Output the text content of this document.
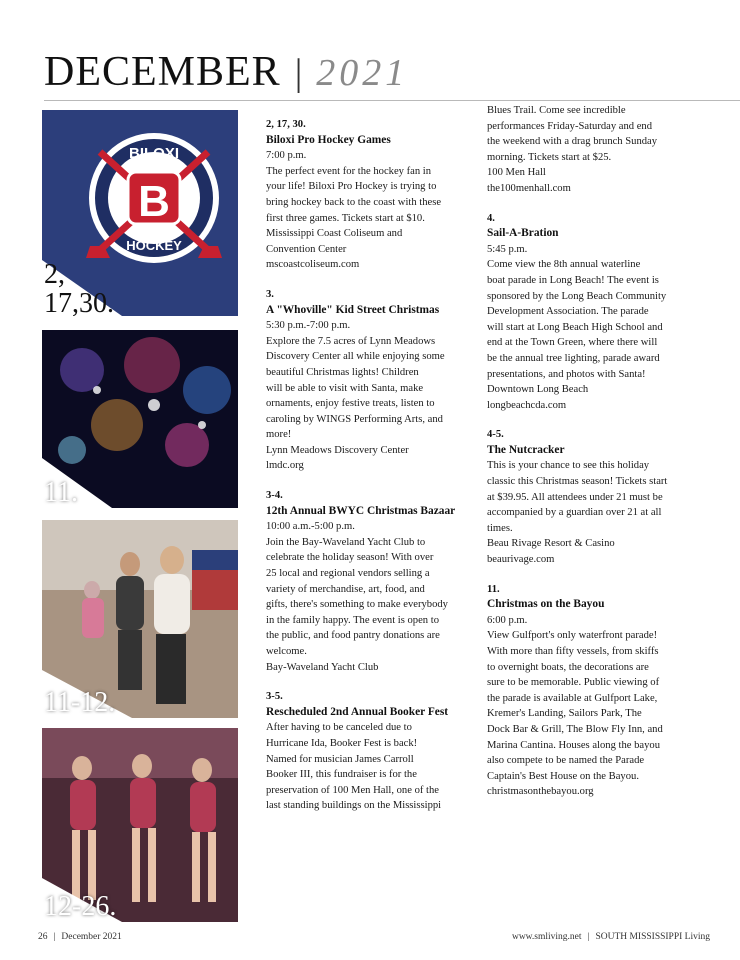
DECEMBER | 2021
B
BILOXI
HOCKEY
2,
17,30.
11.
11-12.
12-26.
2, 17, 30.
Biloxi Pro Hockey Games
7:00 p.m.
The perfect event for the hockey fan in
your life! Biloxi Pro Hockey is trying to
bring hockey back to the coast with these
first three games. Tickets start at $10.
Mississippi Coast Coliseum and
Convention Center
mscoastcoliseum.com
3.
A "Whoville" Kid Street Christmas
5:30 p.m.-7:00 p.m.
Explore the 7.5 acres of Lynn Meadows
Discovery Center all while enjoying some
beautiful Christmas lights! Children
will be able to visit with Santa, make
ornaments, enjoy festive treats, listen to
caroling by WINGS Performing Arts, and
more!
Lynn Meadows Discovery Center
lmdc.org
3-4.
12th Annual BWYC Christmas Bazaar
10:00 a.m.-5:00 p.m.
Join the Bay-Waveland Yacht Club to
celebrate the holiday season! With over
25 local and regional vendors selling a
variety of merchandise, art, food, and
gifts, there's something to make everybody
in the family happy. The event is open to
the public, and food pantry donations are
welcome.
Bay-Waveland Yacht Club
3-5.
Rescheduled 2nd Annual Booker Fest
After having to be canceled due to
Hurricane Ida, Booker Fest is back!
Named for musician James Carroll
Booker III, this fundraiser is for the
preservation of 100 Men Hall, one of the
last standing buildings on the Mississippi
Blues Trail. Come see incredible
performances Friday-Saturday and end
the weekend with a drag brunch Sunday
morning. Tickets start at $25.
100 Men Hall
the100menhall.com
4.
Sail-A-Bration
5:45 p.m.
Come view the 8th annual waterline
boat parade in Long Beach! The event is
sponsored by the Long Beach Community
Development Association. The parade
will start at Long Beach High School and
end at the Town Green, where there will
be the annual tree lighting, parade award
presentations, and photos with Santa!
Downtown Long Beach
longbeachcda.com
4-5.
The Nutcracker
This is your chance to see this holiday
classic this Christmas season! Tickets start
at $39.95. All attendees under 21 must be
accompanied by a guardian over 21 at all
times.
Beau Rivage Resort & Casino
beaurivage.com
11.
Christmas on the Bayou
6:00 p.m.
View Gulfport's only waterfront parade!
With more than fifty vessels, from skiffs
to overnight boats, the decorations are
sure to be memorable. Public viewing of
the parade is available at Gulfport Lake,
Kremer's Landing, Sailors Park, The
Dock Bar & Grill, The Blow Fly Inn, and
Marina Cantina. Houses along the bayou
also compete to be named the Parade
Captain's Best House on the Bayou.
christmasonthebayou.org
26 | December 2021	www.smliving.net | SOUTH MISSISSIPPI Living
